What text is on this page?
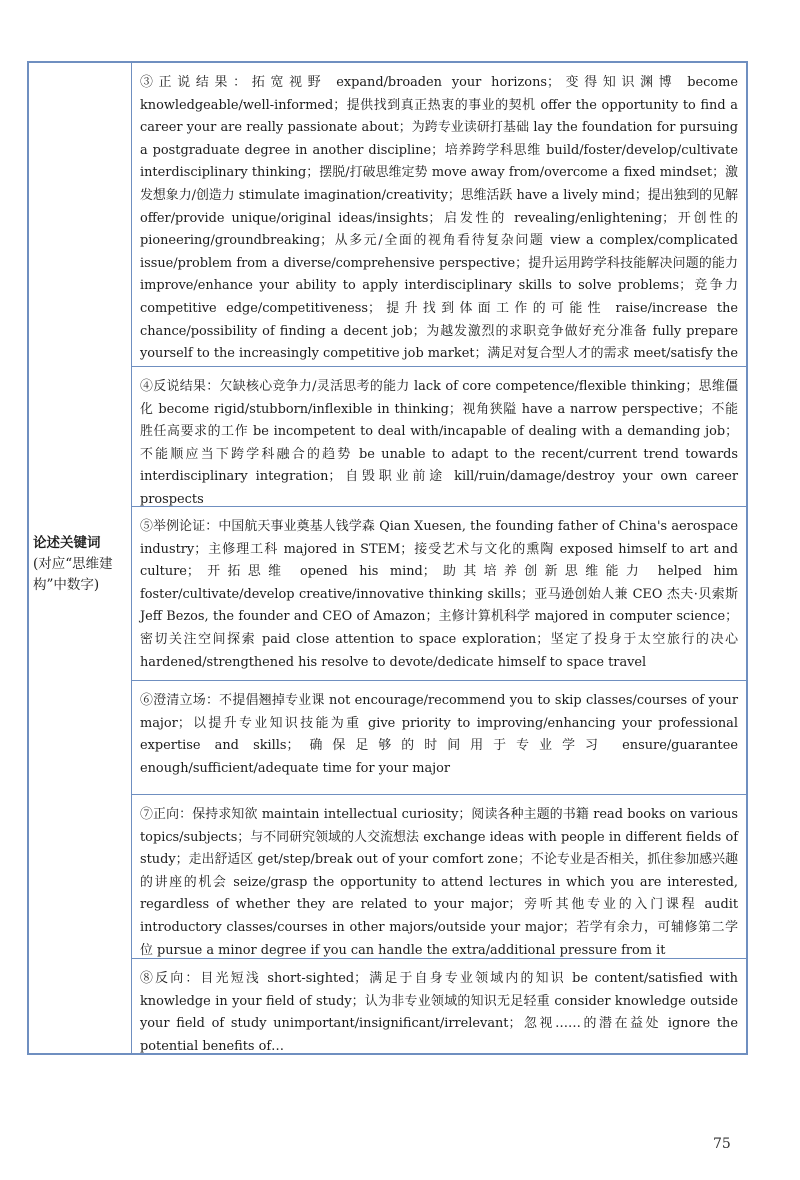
论述关键词
(对应“思维建构”中数字)
③正说结果：拓宽视野 expand/broaden your horizons；变得知识渊博 become knowledgeable/well-informed；提供找到真正热衷的事业的契机 offer the opportunity to find a career your are really passionate about；为跨专业读研打基础 lay the foundation for pursuing a postgraduate degree in another discipline；培养跨学科思维 build/foster/develop/cultivate interdisciplinary thinking；摆脱/打破思维定势 move away from/overcome a fixed mindset；激发想象力/创造力 stimulate imagination/creativity；思维活跃 have a lively mind；提出独到的见解 offer/provide unique/original ideas/insights；启发性的 revealing/enlightening；开创性的 pioneering/groundbreaking；从多元/全面的视角看待复杂问题 view a complex/complicated issue/problem from a diverse/comprehensive perspective；提升运用跨学科技能解决问题的能力 improve/enhance your ability to apply interdisciplinary skills to solve problems；竞争力 competitive edge/competitiveness；提升找到体面工作的可能性 raise/increase the chance/possibility of finding a decent job；为越发激烈的求职竞争做好充分准备 fully prepare yourself to the increasingly competitive job market；满足对复合型人才的需求 meet/satisfy the
④反说结果：欠缺核心竞争力/灵活思考的能力 lack of core competence/flexible thinking；思维僵化 become rigid/stubborn/inflexible in thinking；视角狭隘 have a narrow perspective；不能胜任高要求的工作 be incompetent to deal with/incapable of dealing with a demanding job；不能顺应当下跨学科融合的趋势 be unable to adapt to the recent/current trend towards interdisciplinary integration；自毁职业前途 kill/ruin/damage/destroy your own career prospects
⑤举例论证：中国航天事业奠基人钱学森 Qian Xuesen, the founding father of China's aerospace industry；主修理工科 majored in STEM；接受艺术与文化的熏陶 exposed himself to art and culture；开拓思维 opened his mind；助其培养创新思维能力 helped him foster/cultivate/develop creative/innovative thinking skills；亚马逊创始人兼 CEO 杰夫·贝索斯 Jeff Bezos, the founder and CEO of Amazon；主修计算机科学 majored in computer science；密切关注空间探索 paid close attention to space exploration；坚定了投身于太空旅行的决心 hardened/strengthened his resolve to devote/dedicate himself to space travel
⑥澄清立场：不提倡翘掉专业课 not encourage/recommend you to skip classes/courses of your major；以提升专业知识技能为重 give priority to improving/enhancing your professional expertise and skills；确保足够的时间用于专业学习 ensure/guarantee enough/sufficient/adequate time for your major
⑦正向：保持求知欲 maintain intellectual curiosity；阅读各种主题的书籍 read books on various topics/subjects；与不同研究领域的人交流想法 exchange ideas with people in different fields of study；走出舒适区 get/step/break out of your comfort zone；不论专业是否相关，抓住参加感兴趣的讲座的机会 seize/grasp the opportunity to attend lectures in which you are interested, regardless of whether they are related to your major；旁听其他专业的入门课程 audit introductory classes/courses in other majors/outside your major；若学有余力，可辅修第二学位 pursue a minor degree if you can handle the extra/additional pressure from it
⑧反向：目光短浅 short-sighted；满足于自身专业领域内的知识 be content/satisfied with knowledge in your field of study；认为非专业领域的知识无足轻重 consider knowledge outside your field of study unimportant/insignificant/irrelevant；忽视……的潜在益处 ignore the potential benefits of…
75
